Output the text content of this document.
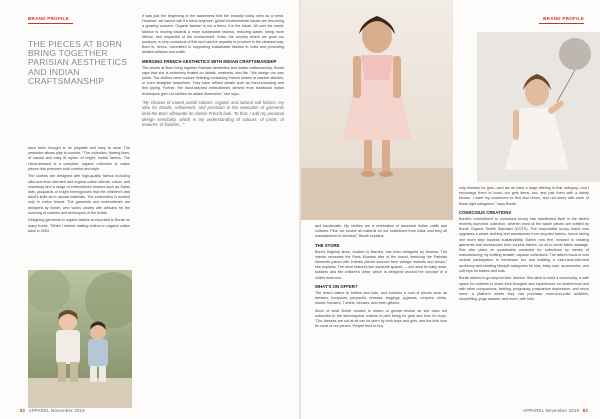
BRAND PROFILE
THE PIECES AT BORN BRING TOGETHER PARISIAN AESTHETICS AND INDIAN CRAFTSMANSHIP

have been thought to be playable and easy to wear. The wardrobe allows play to comfort. "The collection, flowing lines, of casual and easy fit styles, of bright, muted fabrics. The Hand-dressed is a complete, organic collection of cotton pieces that promises both comfort and style.

The clothes are designed with high-quality fabrics including silks and linen-blended and organic cotton blends, cotton, and chambray and a range of embroidered weaves such as Swiss dots, jacquards or bright herringbones that the children's and adult's knits as in natural materials. The embroidery is worked only in cotton thread. The garments and embroideries are designed by Bordé, who works closely with artisans for the sourcing of cultures and techniques of the textile.

Designing garments in organic fabrics is important to Bordé on many fronts. "When I started making clothes in organic cotton back in 2003,

it was just the beginning of the awareness that the industry today sees as a trend. However, we cannot call it a trend anymore; global environmental issues are becoming a growing concern. Organic fashion is not a trend, it is the future. All over the world, fashion is moving towards a more sustainable fashion, reducing waste, being more ethical, and respectful of the environment. India, the country where we grow our products, is very conscious of this and has the capacity to produce in the cleanest way. Born is, hence, committed to supporting sustainable fashion in India and promoting brilliant artisans and crafts.

MERGING FRENCH AESTHETICS WITH INDIAN CRAFTSMANSHIP

The pieces at Born bring together Parisian aesthetics and Indian craftsmanship. Bordé says that she is extremely fixated on details, neatness, and fits. "We design our own prints. The clothes have couture finishing containing French seams or blanket stitches, or even straighter seamlines. They have refined details such as hand-smocking and thin piping. Further, the hand-stitched embroideries derived from traditional Indian techniques give our clothes an added dimension," she says.

"My choices of muted pastel colours, organic and natural soft fabrics, my idea for details, refinement, and precision in the execution of garments lend the Born silhouette its classic French look. To that, I add my personal design sensibility, which is my understanding of colours, of prints, of textures, of finishes..."
82 APPAREL November 2019
BRAND PROFILE

and handicrafts. My clothes are a celebration of ancestral Indian crafts and cultures. Plus, we source all material for our collections from India, and they all manufactured in Mumbai," Bordé explains.

THE STORE

Born's flagship store, located in Bandra, has been designed by Avanna. The interior recreates the Paris Mumbai vibe of the brand, featuring the Parisian elements paired with eclectic pieces sourced from vintage markets and shops," she explains. The store features two separate spaces — one area for baby wear, toddlers and the children's wear, which is designed around the concept of a child's bedroom.

WHAT'S ON OFFER?

The brand caters to babies and kids, and includes a host of pieces such as dresses, bodysuits, jumpsuits, dresses, leggings, pyjamas, rompers, shirts, shorts, trousers, T-shirts, blouses, and even giftsets.

Much of what Bordé creates is unisex or gender-neutral as she does not subscribe to the stereotypical notions of pink being for girls and blue for boys. "Our dresses are not-at all can be worn by both boys and girls, and the kids love for most of our pieces. People tend to buy

only dresses for girls—and we do have a large offering in that category—but I encourage them to touch our girls items, too, and pair them with a dainty blouse. I want my customers to find and return, and not worry with each of those rigid categories," says Bordé.

CONSCIOUS CREATIONS

Bordé's commitment to conscious luxury has manifested itself in the label's recently launched collection, wherein most of the waste pieces are crafted by Bordé Organic Textile Standard (GOTS). The responsible luxury brand now upgrades a waste clothing and accessories from recycled fabrics, hence taking one more step towards sustainability. Earlier now firm, forward to creating garments and accessories from surplus fabrics, so as to avoid fabric wastage. She also plans on sustainable wardrobe for collections by means of manufacturing, by crafting smaller, capsule collections. The label's focus is now include participation in homeware too and building a mom-and-kids-held workshop and creating lifestyle categories for kids, baby care, accessories, and soft toys for babies and kids.

Bordé wishes to go beyond kids' fashion. She aims to build a community, a safe space for mothers to share their thoughts and experiences on motherhood and with other companions, bathing, pregnancy, postpartum depression, and much more: a platform where they can purchase mom-and-child activities, storytelling, yoga classes, and more, with kids.

APPAREL November 2019 83
